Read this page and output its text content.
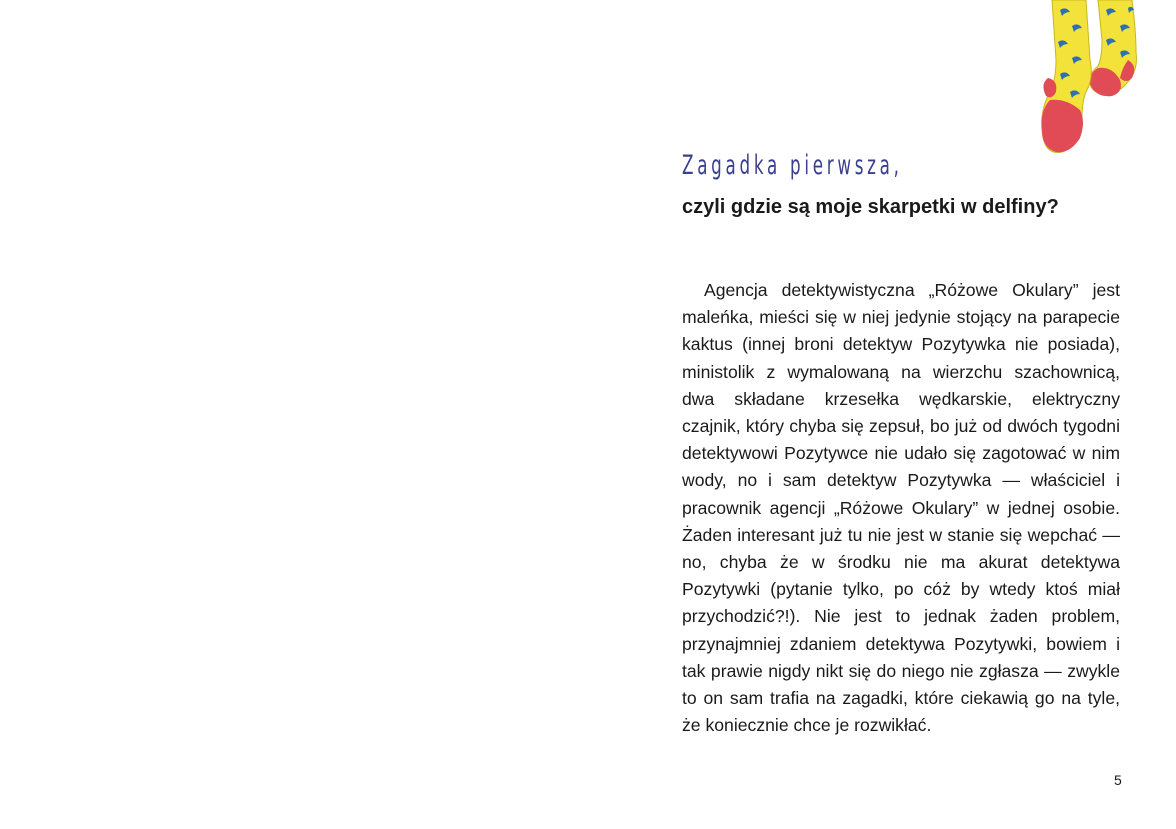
Zagadka pierwsza,
czyli gdzie są moje skarpetki w delfiny?

Agencja detektywistyczna „Różowe Okulary” jest maleńka, mieści się w niej jedynie stojący na parapecie kaktus (innej broni detektyw Pozytywka nie posiada), ministolik z wymalowaną na wierzchu szachownicą, dwa składane krzesełka wędkarskie, elektryczny czajnik, który chyba się zepsuł, bo już od dwóch tygodni detektywowi Pozytywce nie udało się zagotować w nim wody, no i sam detektyw Pozytywka — właściciel i pracownik agencji „Różowe Okulary” w jednej osobie. Żaden interesant już tu nie jest w stanie się wepchać — no, chyba że w środku nie ma akurat detektywa Pozytywki (pytanie tylko, po cóż by wtedy ktoś miał przychodzić?!). Nie jest to jednak żaden problem, przynajmniej zdaniem detektywa Pozytywki, bowiem i tak prawie nigdy nikt się do niego nie zgłasza — zwykle to on sam trafia na zagadki, które ciekawią go na tyle, że koniecznie chce je rozwikłać.

5
